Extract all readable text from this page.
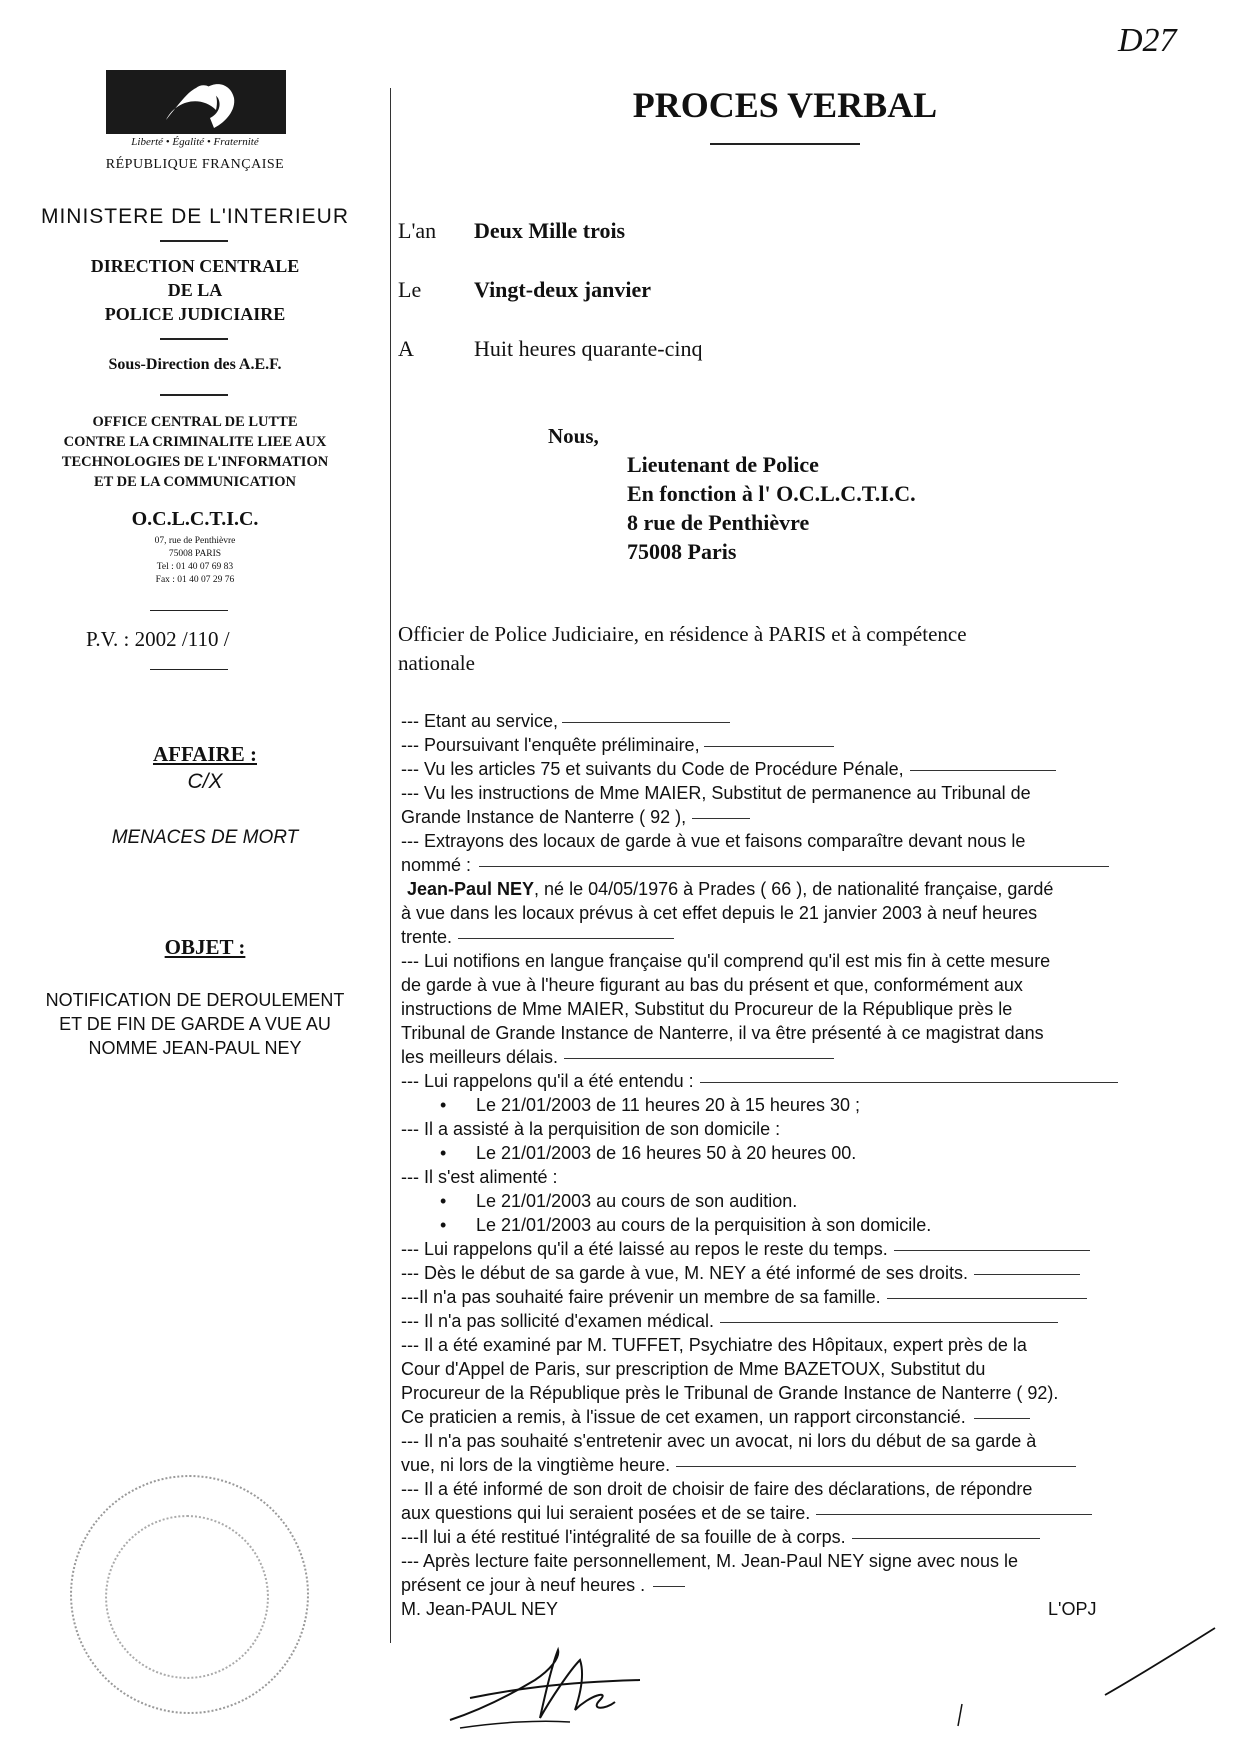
D27
Liberté • Égalité • Fraternité
RÉPUBLIQUE FRANÇAISE
MINISTERE DE L'INTERIEUR
DIRECTION CENTRALE
DE LA
POLICE JUDICIAIRE
Sous-Direction des A.E.F.
OFFICE CENTRAL DE LUTTE
CONTRE LA CRIMINALITE LIEE AUX
TECHNOLOGIES DE L'INFORMATION
ET DE LA COMMUNICATION
O.C.L.C.T.I.C.
07, rue de Penthièvre
75008 PARIS
Tel : 01 40 07 69 83
Fax : 01 40 07 29 76
P.V. : 2002 /110 /
AFFAIRE :
C/X
MENACES DE MORT
OBJET :
NOTIFICATION DE DEROULEMENT
ET DE FIN DE GARDE A VUE AU
NOMME JEAN-PAUL NEY
PROCES VERBAL
L'an Deux Mille trois
Le Vingt-deux janvier
A	Huit heures quarante-cinq
Nous,
Lieutenant de Police
En fonction à l' O.C.L.C.T.I.C.
8 rue de Penthièvre
75008 Paris
Officier de Police Judiciaire, en résidence à PARIS et à compétence
nationale
--- Etant au service,
--- Poursuivant l'enquête préliminaire,
--- Vu les articles 75 et suivants du Code de Procédure Pénale,
--- Vu les instructions de Mme MAIER, Substitut de permanence au Tribunal de
Grande Instance de Nanterre ( 92 ),
--- Extrayons des locaux de garde à vue et faisons comparaître devant nous le
nommé :
Jean-Paul NEY, né le 04/05/1976 à Prades ( 66 ), de nationalité française, gardé
à vue dans les locaux prévus à cet effet depuis le 21 janvier 2003 à neuf heures
trente.
--- Lui notifions en langue française qu'il comprend qu'il est mis fin à cette mesure
de garde à vue à l'heure figurant au bas du présent et que, conformément aux
instructions de Mme MAIER, Substitut du Procureur de la République près le
Tribunal de Grande Instance de Nanterre, il va être présenté à ce magistrat dans
les meilleurs délais.
--- Lui rappelons qu'il a été entendu :
• Le 21/01/2003 de 11 heures 20 à 15 heures 30 ;
--- Il a assisté à la perquisition de son domicile :
• Le 21/01/2003 de 16 heures 50 à 20 heures 00.
--- Il s'est alimenté :
• Le 21/01/2003 au cours de son audition.
• Le 21/01/2003 au cours de la perquisition à son domicile.
--- Lui rappelons qu'il a été laissé au repos le reste du temps.
--- Dès le début de sa garde à vue, M. NEY a été informé de ses droits.
---Il n'a pas souhaité faire prévenir un membre de sa famille.
--- Il n'a pas sollicité d'examen médical.
--- Il a été examiné par M. TUFFET, Psychiatre des Hôpitaux, expert près de la
Cour d'Appel de Paris, sur prescription de Mme BAZETOUX, Substitut du
Procureur de la République près le Tribunal de Grande Instance de Nanterre ( 92).
Ce praticien a remis, à l'issue de cet examen, un rapport circonstancié.
--- Il n'a pas souhaité s'entretenir avec un avocat, ni lors du début de sa garde à
vue, ni lors de la vingtième heure.
--- Il a été informé de son droit de choisir de faire des déclarations, de répondre
aux questions qui lui seraient posées et de se taire.
---Il lui a été restitué l'intégralité de sa fouille de à corps.
--- Après lecture faite personnellement, M. Jean-Paul NEY signe avec nous le
présent ce jour à neuf heures .
M. Jean-PAUL NEY	L'OPJ
